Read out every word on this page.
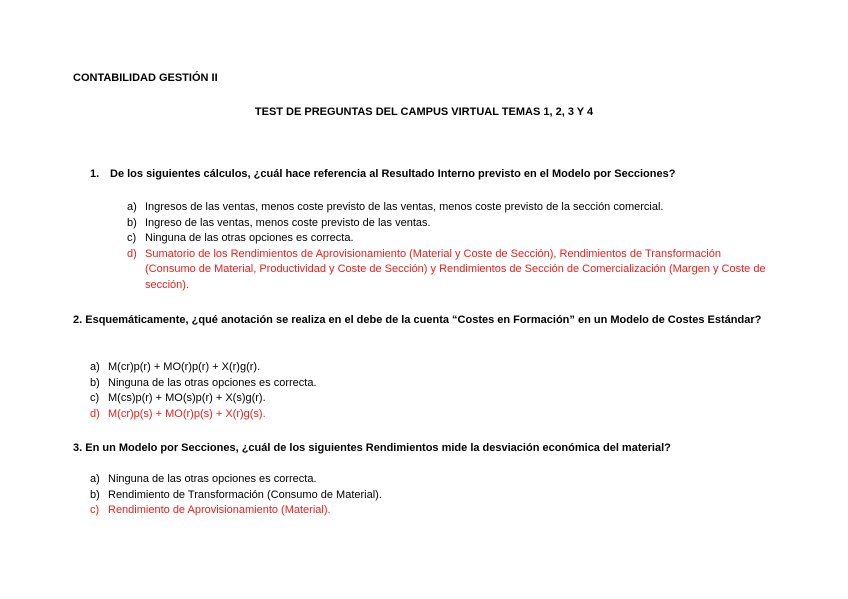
CONTABILIDAD GESTIÓN II

TEST DE PREGUNTAS DEL CAMPUS VIRTUAL TEMAS 1, 2, 3 Y 4

1. De los siguientes cálculos, ¿cuál hace referencia al Resultado Interno previsto en el Modelo por Secciones?

a) Ingresos de las ventas, menos coste previsto de las ventas, menos coste previsto de la sección comercial.
b) Ingreso de las ventas, menos coste previsto de las ventas.
c) Ninguna de las otras opciones es correcta.
d) Sumatorio de los Rendimientos de Aprovisionamiento (Material y Coste de Sección), Rendimientos de Transformación (Consumo de Material, Productividad y Coste de Sección) y Rendimientos de Sección de Comercialización (Margen y Coste de sección).

2. Esquemáticamente, ¿qué anotación se realiza en el debe de la cuenta “Costes en Formación” en un Modelo de Costes Estándar?

a) M(cr)p(r) + MO(r)p(r) + X(r)g(r).
b) Ninguna de las otras opciones es correcta.
c) M(cs)p(r) + MO(s)p(r) + X(s)g(r).
d) M(cr)p(s) + MO(r)p(s) + X(r)g(s).

3. En un Modelo por Secciones, ¿cuál de los siguientes Rendimientos mide la desviación económica del material?

a) Ninguna de las otras opciones es correcta.
b) Rendimiento de Transformación (Consumo de Material).
c) Rendimiento de Aprovisionamiento (Material).
